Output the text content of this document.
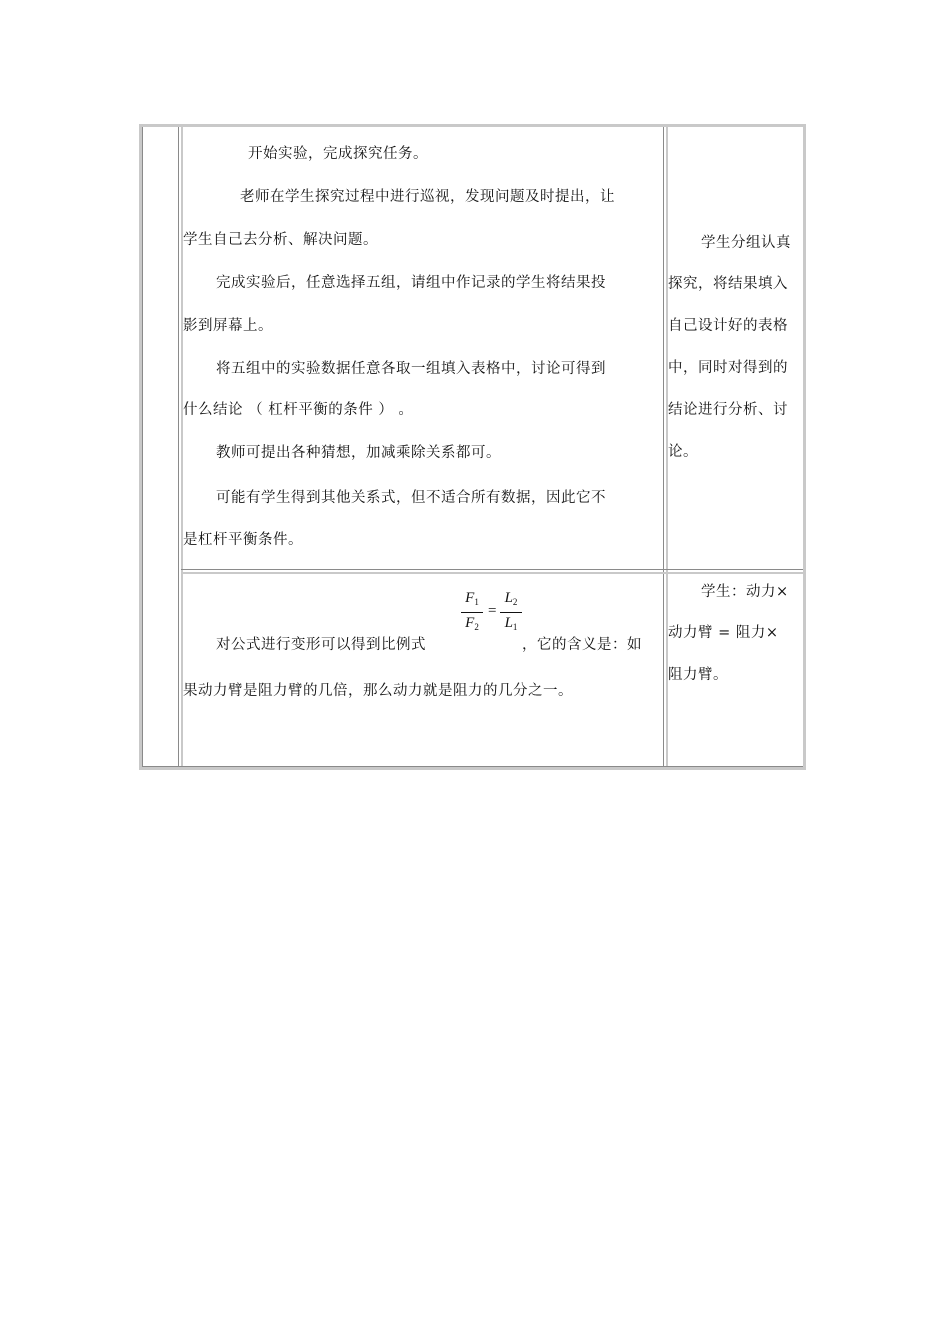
开始实验，完成探究任务。
老师在学生探究过程中进行巡视，发现问题及时提出，让
学生自己去分析、解决问题。
完成实验后，任意选择五组，请组中作记录的学生将结果投
影到屏幕上。
将五组中的实验数据任意各取一组填入表格中，讨论可得到
什么结论 （ 杠杆平衡的条件 ） 。
教师可提出各种猜想，加减乘除关系都可。
可能有学生得到其他关系式，但不适合所有数据，因此它不
是杠杆平衡条件。
学生分组认真
探究，将结果填入
自己设计好的表格
中，同时对得到的
结论进行分析、讨
论。
对公式进行变形可以得到比例式	，它的含义是：如
果动力臂是阻力臂的几倍，那么动力就是阻力的几分之一。
$F_1$
$F_2$
=
$L_2$
$L_1$
学生：动力×
动力臂 = 阻力×
阻力臂。
